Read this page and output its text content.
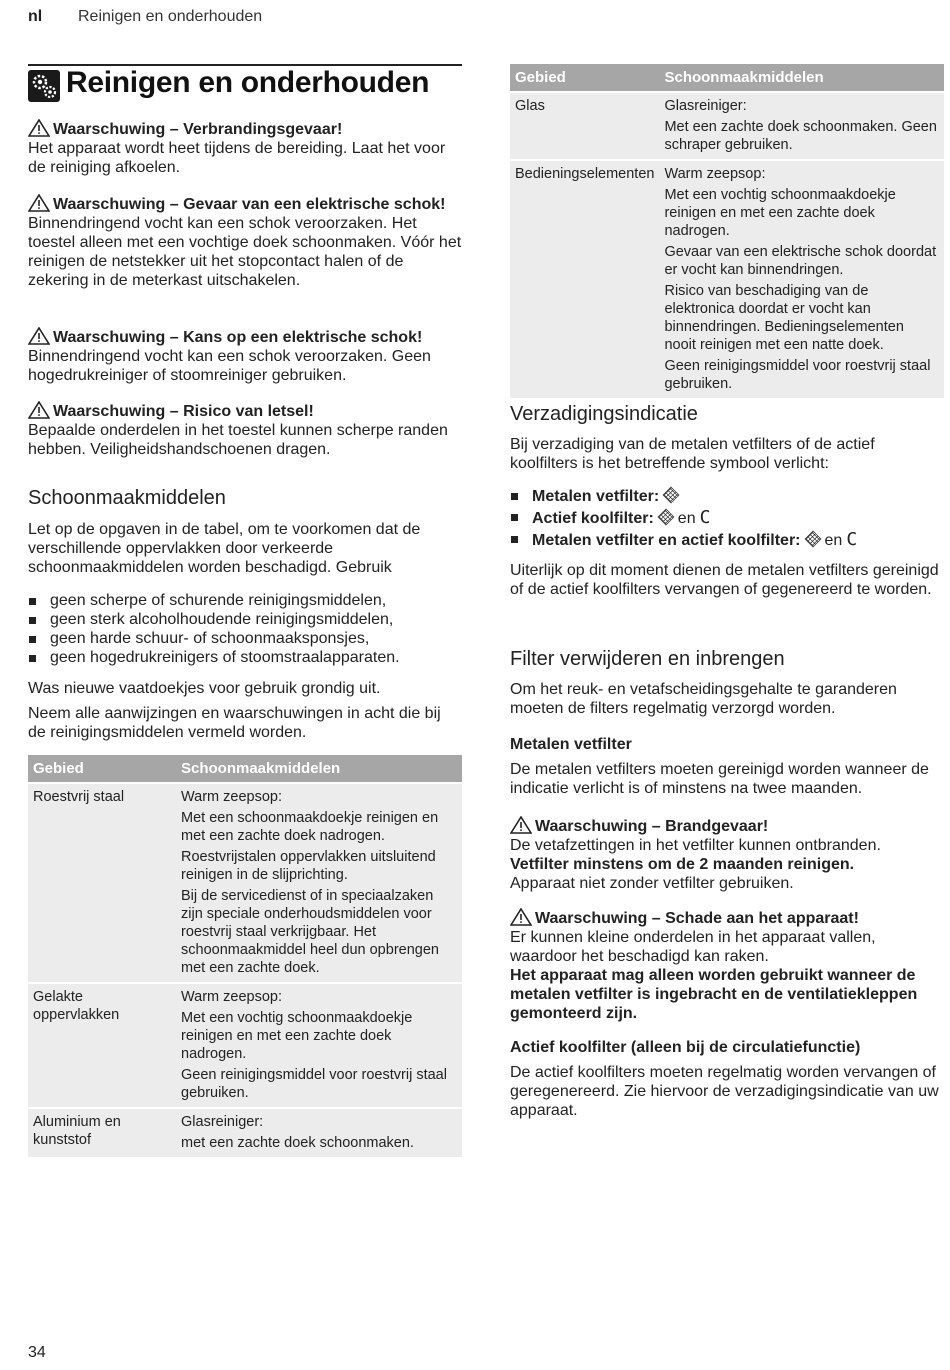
nl Reinigen en onderhouden
Reinigen en onderhouden
Waarschuwing – Verbrandingsgevaar!
Het apparaat wordt heet tijdens de bereiding. Laat het voor de reiniging afkoelen.
Waarschuwing – Gevaar van een elektrische schok!
Binnendringend vocht kan een schok veroorzaken. Het toestel alleen met een vochtige doek schoonmaken. Vóór het reinigen de netstekker uit het stopcontact halen of de zekering in de meterkast uitschakelen.
Waarschuwing – Kans op een elektrische schok!
Binnendringend vocht kan een schok veroorzaken. Geen hogedrukreiniger of stoomreiniger gebruiken.
Waarschuwing – Risico van letsel!
Bepaalde onderdelen in het toestel kunnen scherpe randen hebben. Veiligheidshandschoenen dragen.
Schoonmaakmiddelen
Let op de opgaven in de tabel, om te voorkomen dat de verschillende oppervlakken door verkeerde schoonmaakmiddelen worden beschadigd. Gebruik
geen scherpe of schurende reinigingsmiddelen,
geen sterk alcoholhoudende reinigingsmiddelen,
geen harde schuur- of schoonmaaksponsjes,
geen hogedrukreinigers of stoomstraalapparaten.
Was nieuwe vaatdoekjes voor gebruik grondig uit.
Neem alle aanwijzingen en waarschuwingen in acht die bij de reinigingsmiddelen vermeld worden.
Gebied	Schoonmaakmiddelen
Roestvrij staal	Warm zeepsop:
Met een schoonmaakdoekje reinigen en met een zachte doek nadrogen.
Roestvrijstalen oppervlakken uitsluitend reinigen in de slijprichting.
Bij de servicedienst of in speciaalzaken zijn speciale onderhoudsmiddelen voor roestvrij staal verkrijgbaar. Het schoonmaakmiddel heel dun opbrengen met een zachte doek.

Gelakte oppervlakken	Warm zeepsop:
Met een vochtig schoonmaakdoekje reinigen en met een zachte doek nadrogen.
Geen reinigingsmiddel voor roestvrij staal gebruiken.

Aluminium en kunststof	Glasreiniger:
met een zachte doek schoonmaken.
Gebied	Schoonmaakmiddelen
Glas	Glasreiniger:
Met een zachte doek schoonmaken. Geen schraper gebruiken.

Bedieningselementen	Warm zeepsop:
Met een vochtig schoonmaakdoekje reinigen en met een zachte doek nadrogen.
Gevaar van een elektrische schok doordat er vocht kan binnendringen.
Risico van beschadiging van de elektronica doordat er vocht kan binnendringen. Bedieningselementen nooit reinigen met een natte doek.
Geen reinigingsmiddel voor roestvrij staal gebruiken.
Verzadigingsindicatie
Bij verzadiging van de metalen vetfilters of de actief koolfilters is het betreffende symbool verlicht:
Metalen vetfilter:
Actief koolfilter: en C
Metalen vetfilter en actief koolfilter: en C
Uiterlijk op dit moment dienen de metalen vetfilters gereinigd of de actief koolfilters vervangen of gegenereerd te worden.
Filter verwijderen en inbrengen
Om het reuk- en vetafscheidingsgehalte te garanderen moeten de filters regelmatig verzorgd worden.
Metalen vetfilter
De metalen vetfilters moeten gereinigd worden wanneer de indicatie verlicht is of minstens na twee maanden.
Waarschuwing – Brandgevaar!
De vetafzettingen in het vetfilter kunnen ontbranden.
Vetfilter minstens om de 2 maanden reinigen.
Apparaat niet zonder vetfilter gebruiken.
Waarschuwing – Schade aan het apparaat!
Er kunnen kleine onderdelen in het apparaat vallen, waardoor het beschadigd kan raken.
Het apparaat mag alleen worden gebruikt wanneer de metalen vetfilter is ingebracht en de ventilatiekleppen gemonteerd zijn.
Actief koolfilter (alleen bij de circulatiefunctie)
De actief koolfilters moeten regelmatig worden vervangen of geregenereerd. Zie hiervoor de verzadigingsindicatie van uw apparaat.
34
